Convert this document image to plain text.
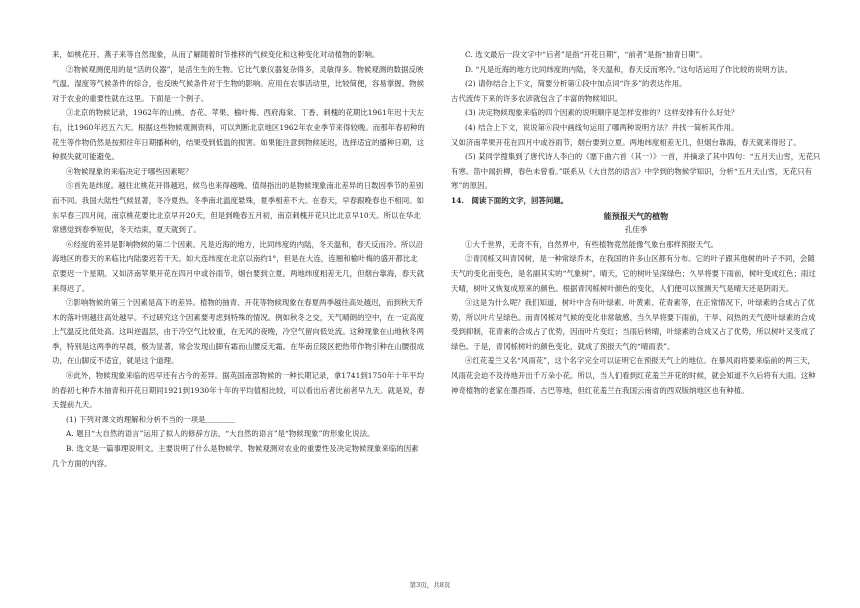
来，如桃花开、燕子来等自然现象，从而了解随着时节推移的气候变化和这种变化对动植物的影响。

②物候观测使用的是“活的仪器”，是活生生的生物。它比气象仪器复杂得多，灵敏得多。物候观测的数据反映气温、湿度等气候条件的综合，也反映气候条件对于生物的影响。应用在农事活动里，比较简便，容易掌握。物候对于农业的重要性就在这里。下面是一个例子。

③北京的物候记录，1962年的山桃、杏花、苹果、榆叶梅、西府海棠、丁香、刺槐的花期比1961年迟十天左右，比1960年迟五六天。根据这些物候观测资料，可以判断北京地区1962年农业季节来得较晚。而那年春初种的花生等作物仍然是按照往年日期播种的，结果受到低温的损害。如果能注意到物候延迟，选择适宜的播种日期，这种损失就可能避免。

④物候现象的来临决定于哪些因素呢？

⑤首先是纬度。越往北桃花开得越迟，候鸟也来得越晚。值得指出的是物候现象南北差异的日数因季节的差别而不同。我国大陆性气候显著，冬冷夏热。冬季南北温度悬殊，夏季相差不大。在春天，早春跟晚春也不相同。如东早春三四月间，南京桃花要比北京早开20天，但是到晚春五月初，南京刺槐开花只比北京早10天。所以在华北常感觉到春季短促，冬天结束，夏天就到了。

⑥经度的差异是影响物候的第二个因素。凡是近海的地方，比同纬度的内陆，冬天温和，春天反而冷。所以沿海地区的春天的来临比内陆要迟若干天。如大连纬度在北京以南约1°，但是在大连，连翘和榆叶梅的盛开都比北京要迟一个星期。又如济南苹果开花在四月中或谷雨节，烟台要到立夏。两地纬度相差无几，但烟台靠海，春天就来得迟了。

⑦影响物候的第三个因素是高下的差异。植物的抽青、开花等物候现象在春夏两季越往高处越迟，而到秋天乔木的落叶则越往高处越早。不过研究这个因素要考虑到特殊的情况。例如秋冬之交，天气晴朗的空中，在一定高度上气温反比低处高。这叫逆温层，由于冷空气比较重，在无风的夜晚，冷空气留向低处流。这种现象在山地秋冬两季，特别是这两季的早晨，极为显著，常会发现山脚有霜而山腰反无霜。在华南丘陵区把热带作物引种在山腰很成功，在山脚反不适宜，就是这个道理。

⑧此外，物候现象来临的迟早还有古今的差异。据英国南部物候的一种长期记录，拿1741到1750年十年平均的春初七种乔木抽青和开花日期同1921到1930年十年的平均值相比较，可以看出后者比前者早九天。就是说，春天提前九天。

(1) 下列对课文的理解和分析不当的一项是＿＿＿＿

A. 题目“大自然的语言”运用了拟人的修辞方法，“大自然的语言”是“物候现象”的形象化说法。

B. 选文是一篇事理说明文。主要说明了什么是物候学、物候观测对农业的重要性及决定物候现象来临的因素几个方面的内容。

C. 选文最后一段文字中“后者”是指“开花日期”，“前者”是指“抽青日期”。

D. “凡是近海的地方比同纬度的内陆，冬天温和，春天反而寒冷。”这句话运用了作比较的说明方法。

(2) 请你结合上下文，简要分析第①段中加点词“许多”的表达作用。

古代流传下来的许多农谚就包含了丰富的物候知识。

(3) 决定物候现象来临的四个因素的说明顺序是怎样安排的？这样安排有什么好处？

(4) 结合上下文，说说第⑥段中画线句运用了哪两种说明方法？并找一简析其作用。

又如济南苹果开花在四月中或谷雨节，烟台要到立夏。两地纬度相差无几，但烟台靠海，春天就来得迟了。

(5) 某同学搜集到了唐代诗人李白的《塞下曲六首（其一）》一首，并摘录了其中四句：“五月天山雪，无花只有寒。笛中闻折柳，春色未曾看。”联系从《大自然的语言》中学到的物候学知识，分析“五月天山雪，无花只有寒”的原因。

14.　阅读下面的文字，回答问题。

能预报天气的植物

孔佳季

①大千世界，无奇不有，自然界中，有些植物竟然能像气象台那样预报天气。

②青冈栎又叫青冈树，是一种常绿乔木，在我国的许多山区都有分布。它的叶子跟其他树的叶子不同，会随天气的变化而变色，是名副其实的“气象树”。晴天，它的树叶呈深绿色；久旱将要下雨前，树叶变成红色；雨过天晴，树叶又恢复成原来的颜色。根据青冈栎树叶颜色的变化，人们便可以预测天气是晴天还是阴雨天。

③这是为什么呢？我们知道，树叶中含有叶绿素、叶黄素、花青素等，在正常情况下，叶绿素的合成占了优势，所以叶片呈绿色。而青冈栎对气候的变化非常敏感，当久旱将要下雨前，干旱、闷热的天气使叶绿素的合成受到抑制，花青素的合成占了优势，因而叶片变红；当雨后转晴，叶绿素的合成又占了优势，所以树叶又变成了绿色。于是，青冈栎树叶的颜色变化，就成了预报天气的“晴雨表”。

④红花羞兰又名“风雨花”，这个名字完全可以证明它在预报天气上的地位。在暴风雨将要来临前的两三天，风雨花会迫不及待地开出千万朵小花。所以，当人们看到红花羞兰开花的时候，就会知道不久后将有大雨。这种神奇植物的老家在墨西哥、古巴等地，但红花羞兰在我国云南省的西双版纳地区也有种植。

第3页，共8页
